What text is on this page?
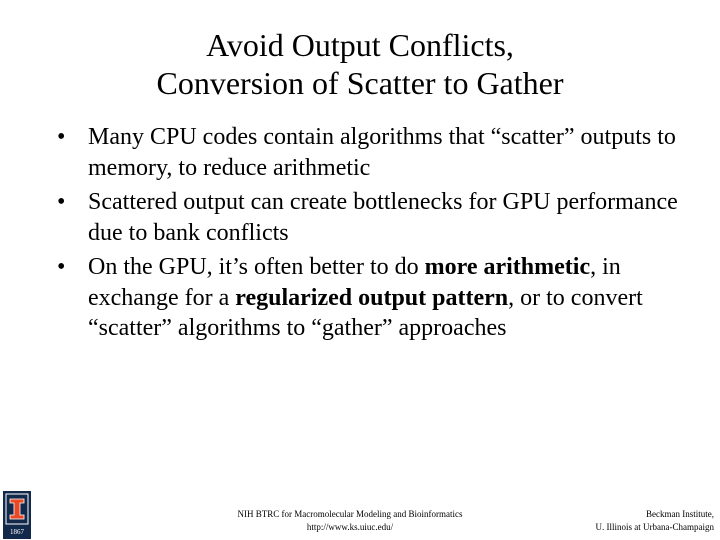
Avoid Output Conflicts,
Conversion of Scatter to Gather
• Many CPU codes contain algorithms that “scatter” outputs to memory, to reduce arithmetic
• Scattered output can create bottlenecks for GPU performance due to bank conflicts
• On the GPU, it’s often better to do more arithmetic, in exchange for a regularized output pattern, or to convert “scatter” algorithms to “gather” approaches
1867
NIH BTRC for Macromolecular Modeling and Bioinformatics
http://www.ks.uiuc.edu/
Beckman Institute,
U. Illinois at Urbana-Champaign
